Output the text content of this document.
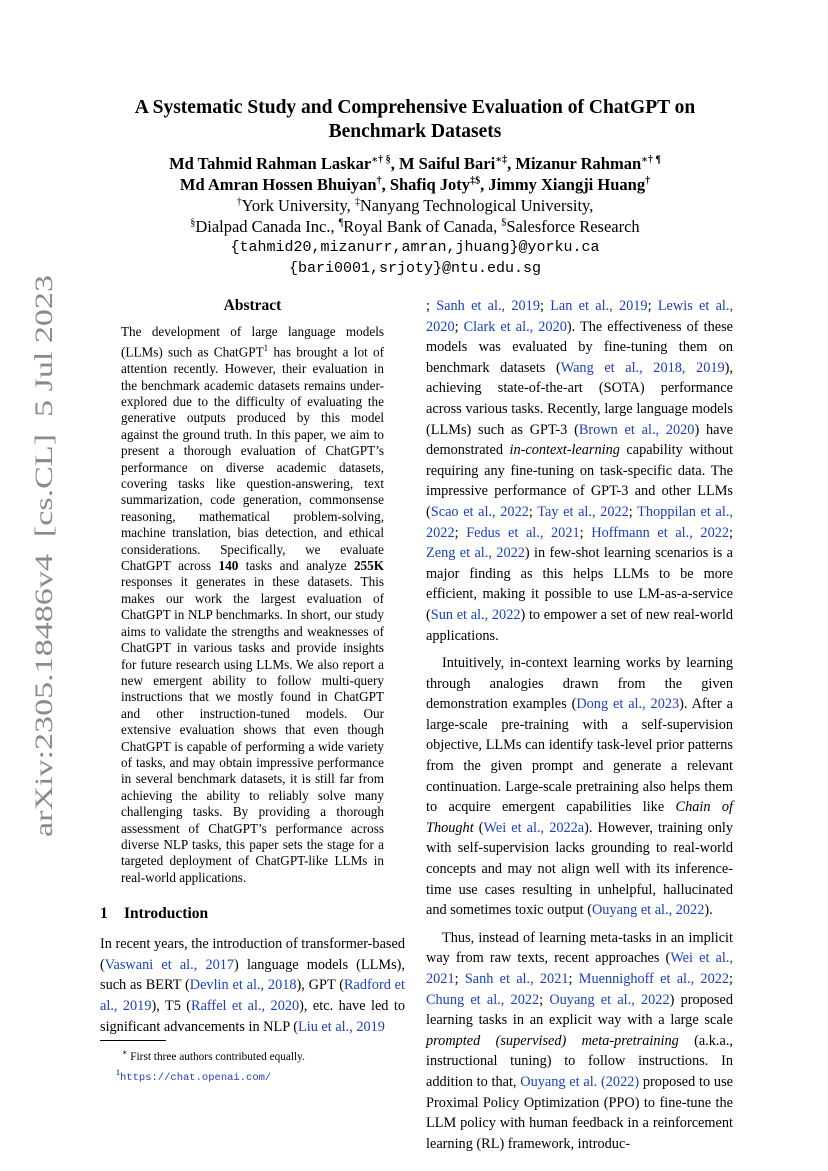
arXiv:2305.18486v4  [cs.CL]  5 Jul 2023
A Systematic Study and Comprehensive Evaluation of ChatGPT on
Benchmark Datasets
Md Tahmid Rahman Laskar∗† §, M Saiful Bari∗‡, Mizanur Rahman∗† ¶
Md Amran Hossen Bhuiyan†, Shafiq Joty‡$, Jimmy Xiangji Huang†
†York University, ‡Nanyang Technological University,
§Dialpad Canada Inc., ¶Royal Bank of Canada, $Salesforce Research
{tahmid20,mizanurr,amran,jhuang}@yorku.ca
{bari0001,srjoty}@ntu.edu.sg
Abstract
The development of large language models (LLMs) such as ChatGPT$^1$ has brought a lot of attention recently. However, their evaluation in the benchmark academic datasets remains under-explored due to the difficulty of evaluating the generative outputs produced by this model against the ground truth. In this paper, we aim to present a thorough evaluation of ChatGPT’s performance on diverse academic datasets, covering tasks like question-answering, text summarization, code generation, commonsense reasoning, mathematical problem-solving, machine translation, bias detection, and ethical considerations. Specifically, we evaluate ChatGPT across 140 tasks and analyze 255K responses it generates in these datasets. This makes our work the largest evaluation of ChatGPT in NLP benchmarks. In short, our study aims to validate the strengths and weaknesses of ChatGPT in various tasks and provide insights for future research using LLMs. We also report a new emergent ability to follow multi-query instructions that we mostly found in ChatGPT and other instruction-tuned models. Our extensive evaluation shows that even though ChatGPT is capable of performing a wide variety of tasks, and may obtain impressive performance in several benchmark datasets, it is still far from achieving the ability to reliably solve many challenging tasks. By providing a thorough assessment of ChatGPT’s performance across diverse NLP tasks, this paper sets the stage for a targeted deployment of ChatGPT-like LLMs in real-world applications.
1 Introduction

In recent years, the introduction of transformer-based (Vaswani et al., 2017) language models (LLMs), such as BERT (Devlin et al., 2018), GPT (Radford et al., 2019), T5 (Raffel et al., 2020), etc. have led to significant advancements in NLP (Liu et al., 2019

∗ First three authors contributed equally.
$^1$https://chat.openai.com/

; Sanh et al., 2019; Lan et al., 2019; Lewis et al., 2020; Clark et al., 2020). The effectiveness of these models was evaluated by fine-tuning them on benchmark datasets (Wang et al., 2018, 2019), achieving state-of-the-art (SOTA) performance across various tasks. Recently, large language models (LLMs) such as GPT-3 (Brown et al., 2020) have demonstrated in-context-learning capability without requiring any fine-tuning on task-specific data. The impressive performance of GPT-3 and other LLMs (Scao et al., 2022; Tay et al., 2022; Thoppilan et al., 2022; Fedus et al., 2021; Hoffmann et al., 2022; Zeng et al., 2022) in few-shot learning scenarios is a major finding as this helps LLMs to be more efficient, making it possible to use LM-as-a-service (Sun et al., 2022) to empower a set of new real-world applications.

Intuitively, in-context learning works by learning through analogies drawn from the given demonstration examples (Dong et al., 2023). After a large-scale pre-training with a self-supervision objective, LLMs can identify task-level prior patterns from the given prompt and generate a relevant continuation. Large-scale pretraining also helps them to acquire emergent capabilities like Chain of Thought (Wei et al., 2022a). However, training only with self-supervision lacks grounding to real-world concepts and may not align well with its inference-time use cases resulting in unhelpful, hallucinated and sometimes toxic output (Ouyang et al., 2022).

Thus, instead of learning meta-tasks in an implicit way from raw texts, recent approaches (Wei et al., 2021; Sanh et al., 2021; Muennighoff et al., 2022; Chung et al., 2022; Ouyang et al., 2022) proposed learning tasks in an explicit way with a large scale prompted (supervised) meta-pretraining (a.k.a., instructional tuning) to follow instructions. In addition to that, Ouyang et al. (2022) proposed to use Proximal Policy Optimization (PPO) to fine-tune the LLM policy with human feedback in a reinforcement learning (RL) framework, introduc-
